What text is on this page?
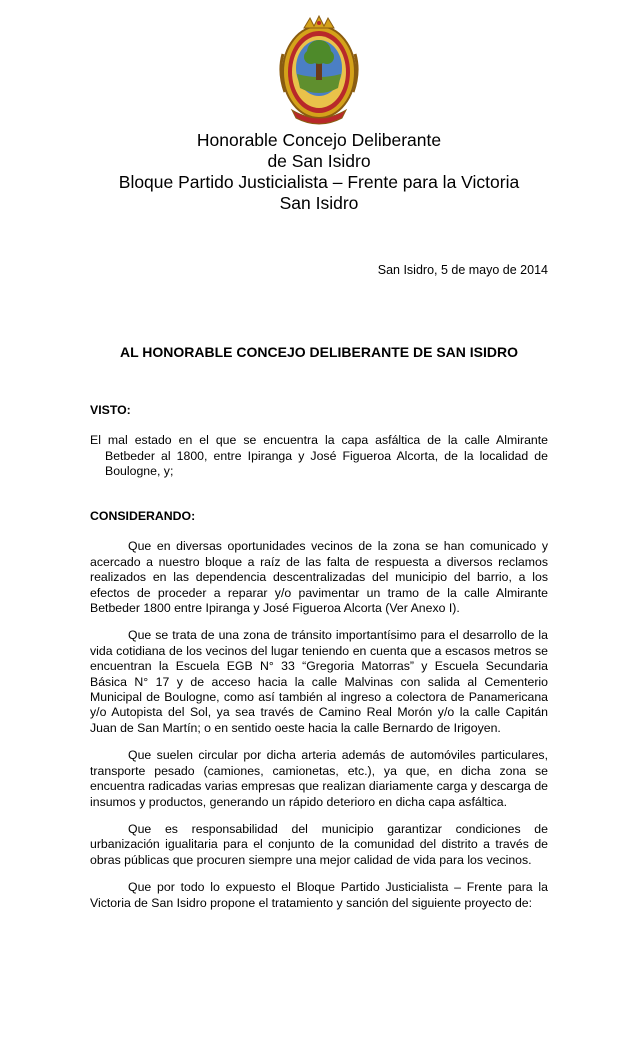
Honorable Concejo Deliberante
de San Isidro
Bloque Partido Justicialista – Frente para la Victoria
San Isidro
San Isidro, 5 de mayo de 2014
AL HONORABLE CONCEJO DELIBERANTE DE SAN ISIDRO
VISTO:
El mal estado en el que se encuentra la capa asfáltica de la calle Almirante Betbeder al 1800, entre Ipiranga y José Figueroa Alcorta, de la localidad de Boulogne, y;
CONSIDERANDO:

Que en diversas oportunidades vecinos de la zona se han comunicado y acercado a nuestro bloque a raíz de las falta de respuesta a diversos reclamos realizados en las dependencia descentralizadas del municipio del barrio, a los efectos de proceder a reparar y/o pavimentar un tramo de la calle Almirante Betbeder 1800 entre Ipiranga y José Figueroa Alcorta (Ver Anexo I).

Que se trata de una zona de tránsito importantísimo para el desarrollo de la vida cotidiana de los vecinos del lugar teniendo en cuenta que a escasos metros se encuentran la Escuela EGB N° 33 “Gregoria Matorras” y Escuela Secundaria Básica N° 17 y de acceso hacia la calle Malvinas con salida al Cementerio Municipal de Boulogne, como así también al ingreso a colectora de Panamericana y/o Autopista del Sol, ya sea través de Camino Real Morón y/o la calle Capitán Juan de San Martín; o en sentido oeste hacia la calle Bernardo de Irigoyen.

Que suelen circular por dicha arteria además de automóviles particulares, transporte pesado (camiones, camionetas, etc.), ya que, en dicha zona se encuentra radicadas varias empresas que realizan diariamente carga y descarga de insumos y productos, generando un rápido deterioro en dicha capa asfáltica.

Que es responsabilidad del municipio garantizar condiciones de urbanización igualitaria para el conjunto de la comunidad del distrito a través de obras públicas que procuren siempre una mejor calidad de vida para los vecinos.

Que por todo lo expuesto el Bloque Partido Justicialista – Frente para la Victoria de San Isidro propone el tratamiento y sanción del siguiente proyecto de:
